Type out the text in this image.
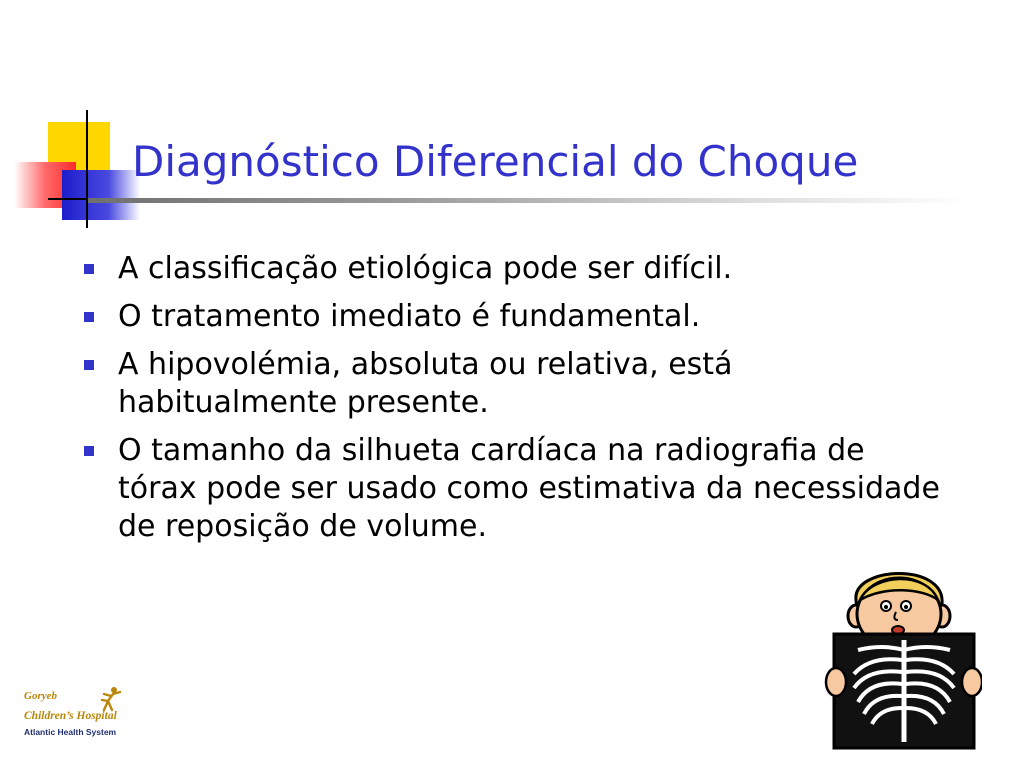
Diagnóstico Diferencial do Choque
A classificação etiológica pode ser difícil.
O tratamento imediato é fundamental.
A hipovolémia, absoluta ou relativa, está habitualmente presente.
O tamanho da silhueta cardíaca na radiografia de tórax pode ser usado como estimativa da necessidade de reposição de volume.
Goryeb
Children’s Hospital
Atlantic Health System
